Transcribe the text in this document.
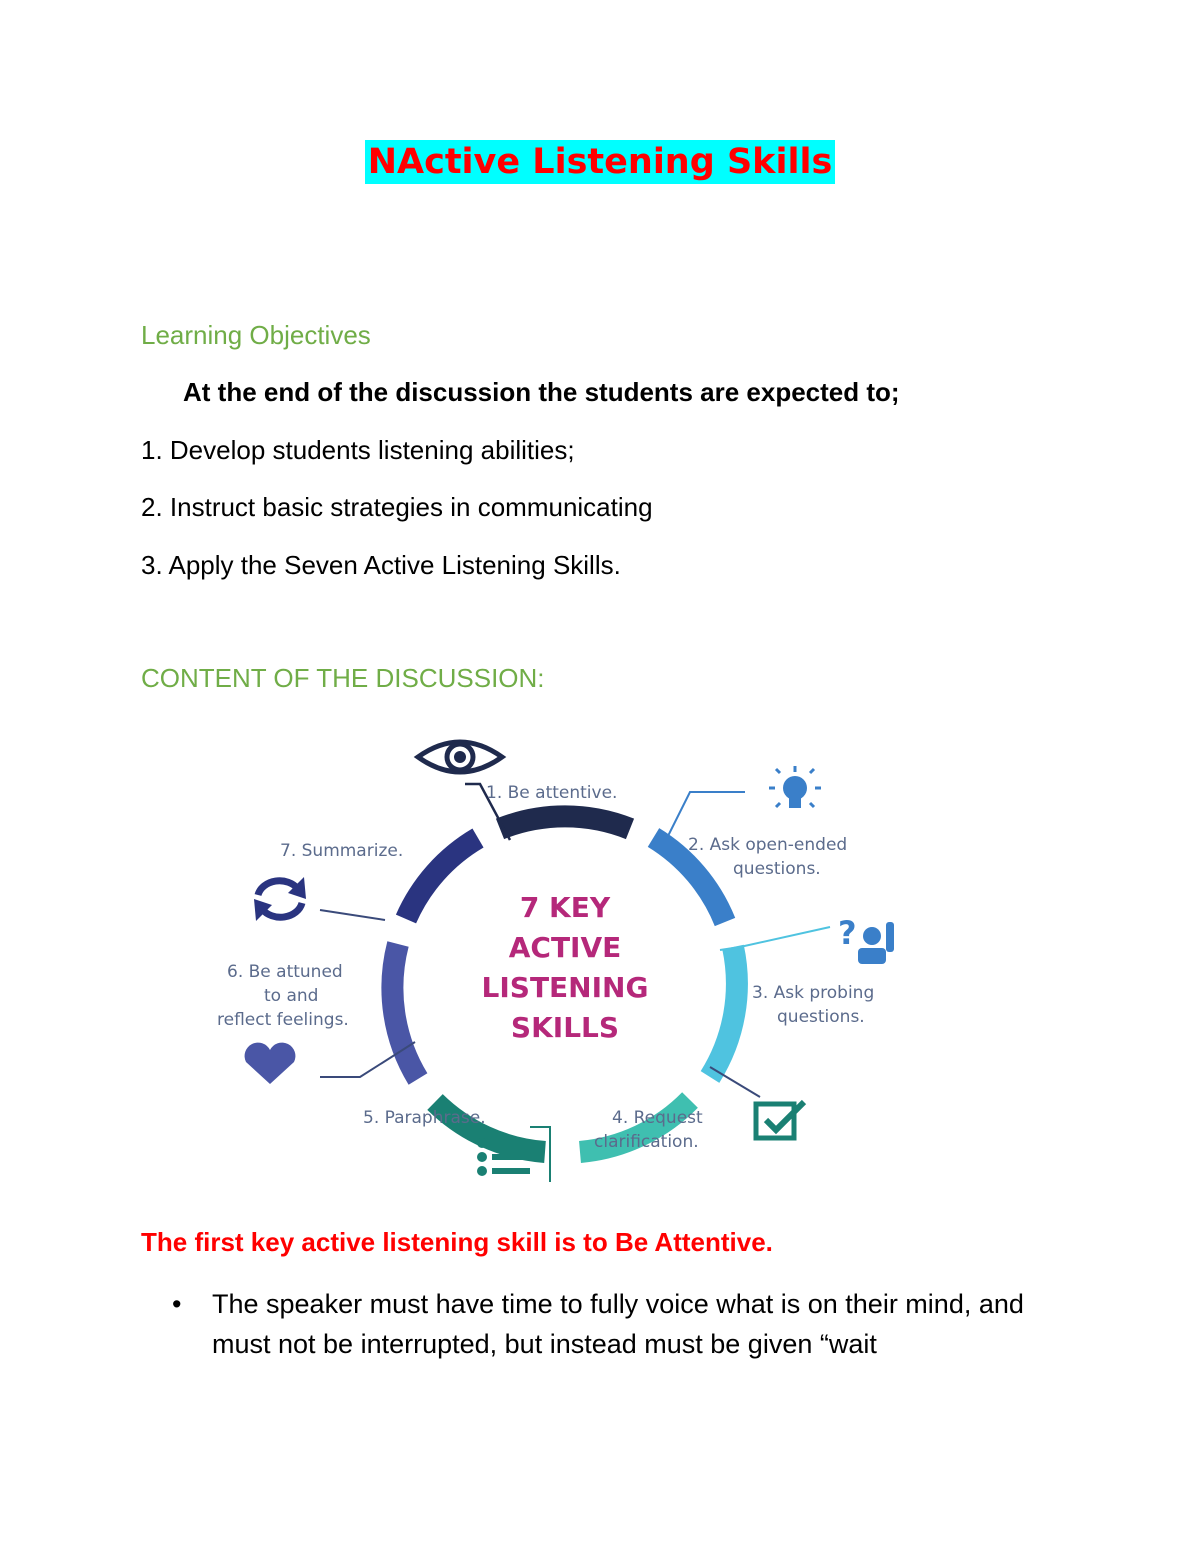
NActive Listening Skills
Learning Objectives
At the end of the discussion the students are expected to;
1. Develop students listening abilities;
2. Instruct basic strategies in communicating
3. Apply the Seven Active Listening Skills.
CONTENT OF THE DISCUSSION:
7 KEY
ACTIVE
LISTENING
SKILLS
1. Be attentive.
2. Ask open-ended
questions.
3. Ask probing
questions.
4. Request
clarification.
5. Paraphrase.
6. Be attuned
to and
reflect feelings.
7. Summarize.
?
The first key active listening skill is to Be Attentive.
•	The speaker must have time to fully voice what is on their mind, and must not be interrupted, but instead must be given “wait
